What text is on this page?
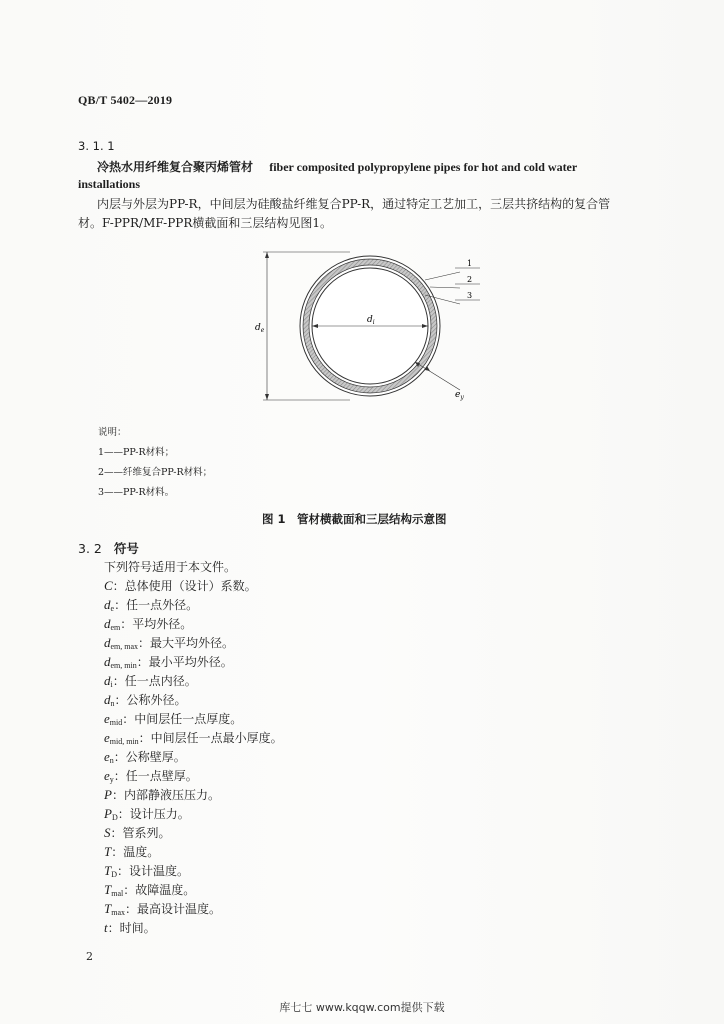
QB/T 5402—2019
3. 1. 1
冷热水用纤维复合聚丙烯管材 fiber composited polypropylene pipes for hot and cold water
installations
内层与外层为PP-R，中间层为硅酸盐纤维复合PP-R，通过特定工艺加工，三层共挤结构的复合管
材。F-PPR/MF-PPR横截面和三层结构见图1。
1
2
3
$d_e$
$d_i$
$e_y$
说明：
1——PP-R材料；
2——纤维复合PP-R材料；
3——PP-R材料。
图 1　管材横截面和三层结构示意图
3. 2 符号
下列符号适用于本文件。
C：总体使用（设计）系数。
$d_e$：任一点外径。
$d_{em}$：平均外径。
$d_{em, max}$：最大平均外径。
$d_{em, min}$：最小平均外径。
$d_i$：任一点内径。
$d_n$：公称外径。
$e_{mid}$：中间层任一点厚度。
$e_{mid, min}$：中间层任一点最小厚度。
$e_n$：公称壁厚。
$e_y$：任一点壁厚。
P：内部静液压压力。
$P_D$：设计压力。
S：管系列。
T：温度。
$T_D$：设计温度。
$T_{mal}$：故障温度。
$T_{max}$：最高设计温度。
t：时间。
2
库七七 www.kqqw.com提供下载
